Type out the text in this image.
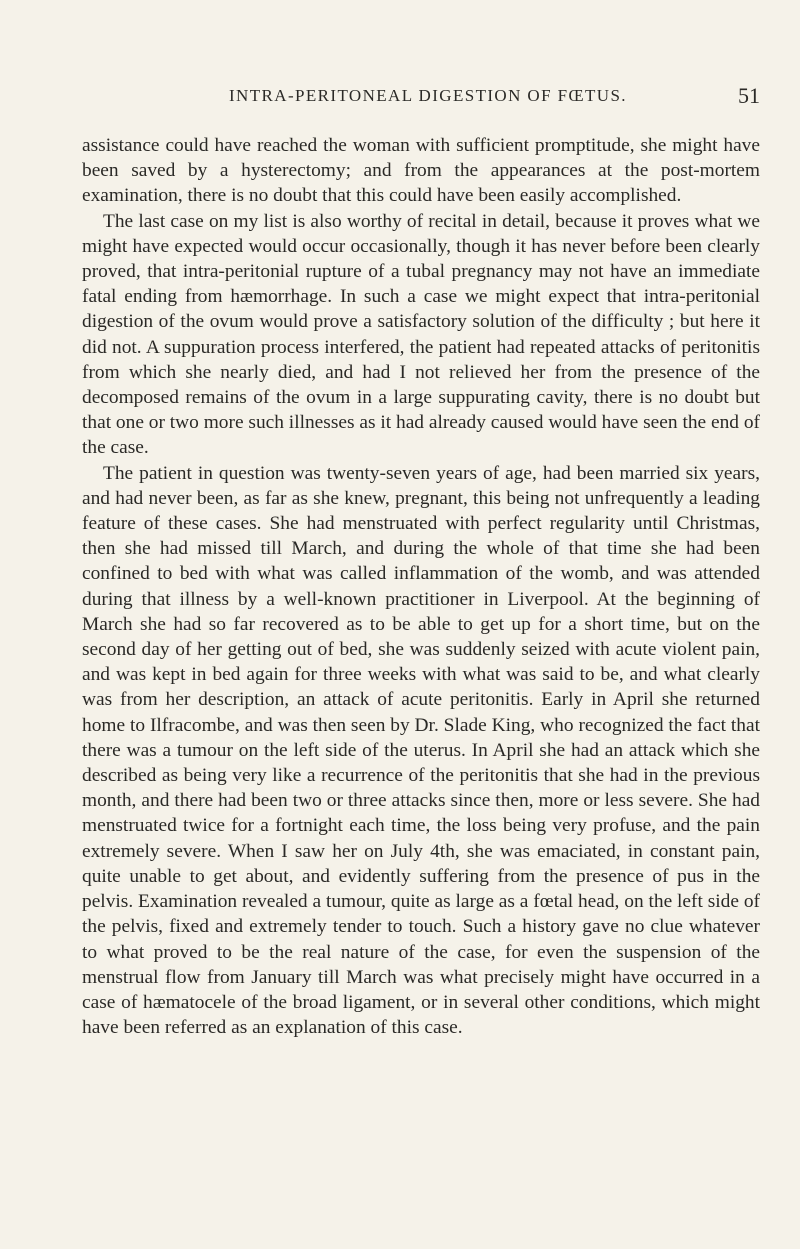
INTRA-PERITONEAL DIGESTION OF FŒTUS.	51

assistance could have reached the woman with sufficient promptitude, she might have been saved by a hysterectomy; and from the appearances at the post-mortem examination, there is no doubt that this could have been easily accomplished.

The last case on my list is also worthy of recital in detail, because it proves what we might have expected would occur occasionally, though it has never before been clearly proved, that intra-peritonial rupture of a tubal pregnancy may not have an immediate fatal ending from hæmorrhage. In such a case we might expect that intra-peritonial digestion of the ovum would prove a satisfactory solution of the difficulty ; but here it did not. A suppuration process interfered, the patient had repeated attacks of peritonitis from which she nearly died, and had I not relieved her from the presence of the decomposed remains of the ovum in a large suppurating cavity, there is no doubt but that one or two more such illnesses as it had already caused would have seen the end of the case.

The patient in question was twenty-seven years of age, had been married six years, and had never been, as far as she knew, pregnant, this being not unfrequently a leading feature of these cases. She had menstruated with perfect regularity until Christmas, then she had missed till March, and during the whole of that time she had been confined to bed with what was called inflammation of the womb, and was attended during that illness by a well-known practitioner in Liverpool. At the beginning of March she had so far recovered as to be able to get up for a short time, but on the second day of her getting out of bed, she was suddenly seized with acute violent pain, and was kept in bed again for three weeks with what was said to be, and what clearly was from her description, an attack of acute peritonitis. Early in April she returned home to Ilfracombe, and was then seen by Dr. Slade King, who recognized the fact that there was a tumour on the left side of the uterus. In April she had an attack which she described as being very like a recurrence of the peritonitis that she had in the previous month, and there had been two or three attacks since then, more or less severe. She had menstruated twice for a fortnight each time, the loss being very profuse, and the pain extremely severe. When I saw her on July 4th, she was emaciated, in constant pain, quite unable to get about, and evidently suffering from the presence of pus in the pelvis. Examination revealed a tumour, quite as large as a fœtal head, on the left side of the pelvis, fixed and extremely tender to touch. Such a history gave no clue whatever to what proved to be the real nature of the case, for even the suspension of the menstrual flow from January till March was what precisely might have occurred in a case of hæmatocele of the broad ligament, or in several other conditions, which might have been referred as an explanation of this case.
